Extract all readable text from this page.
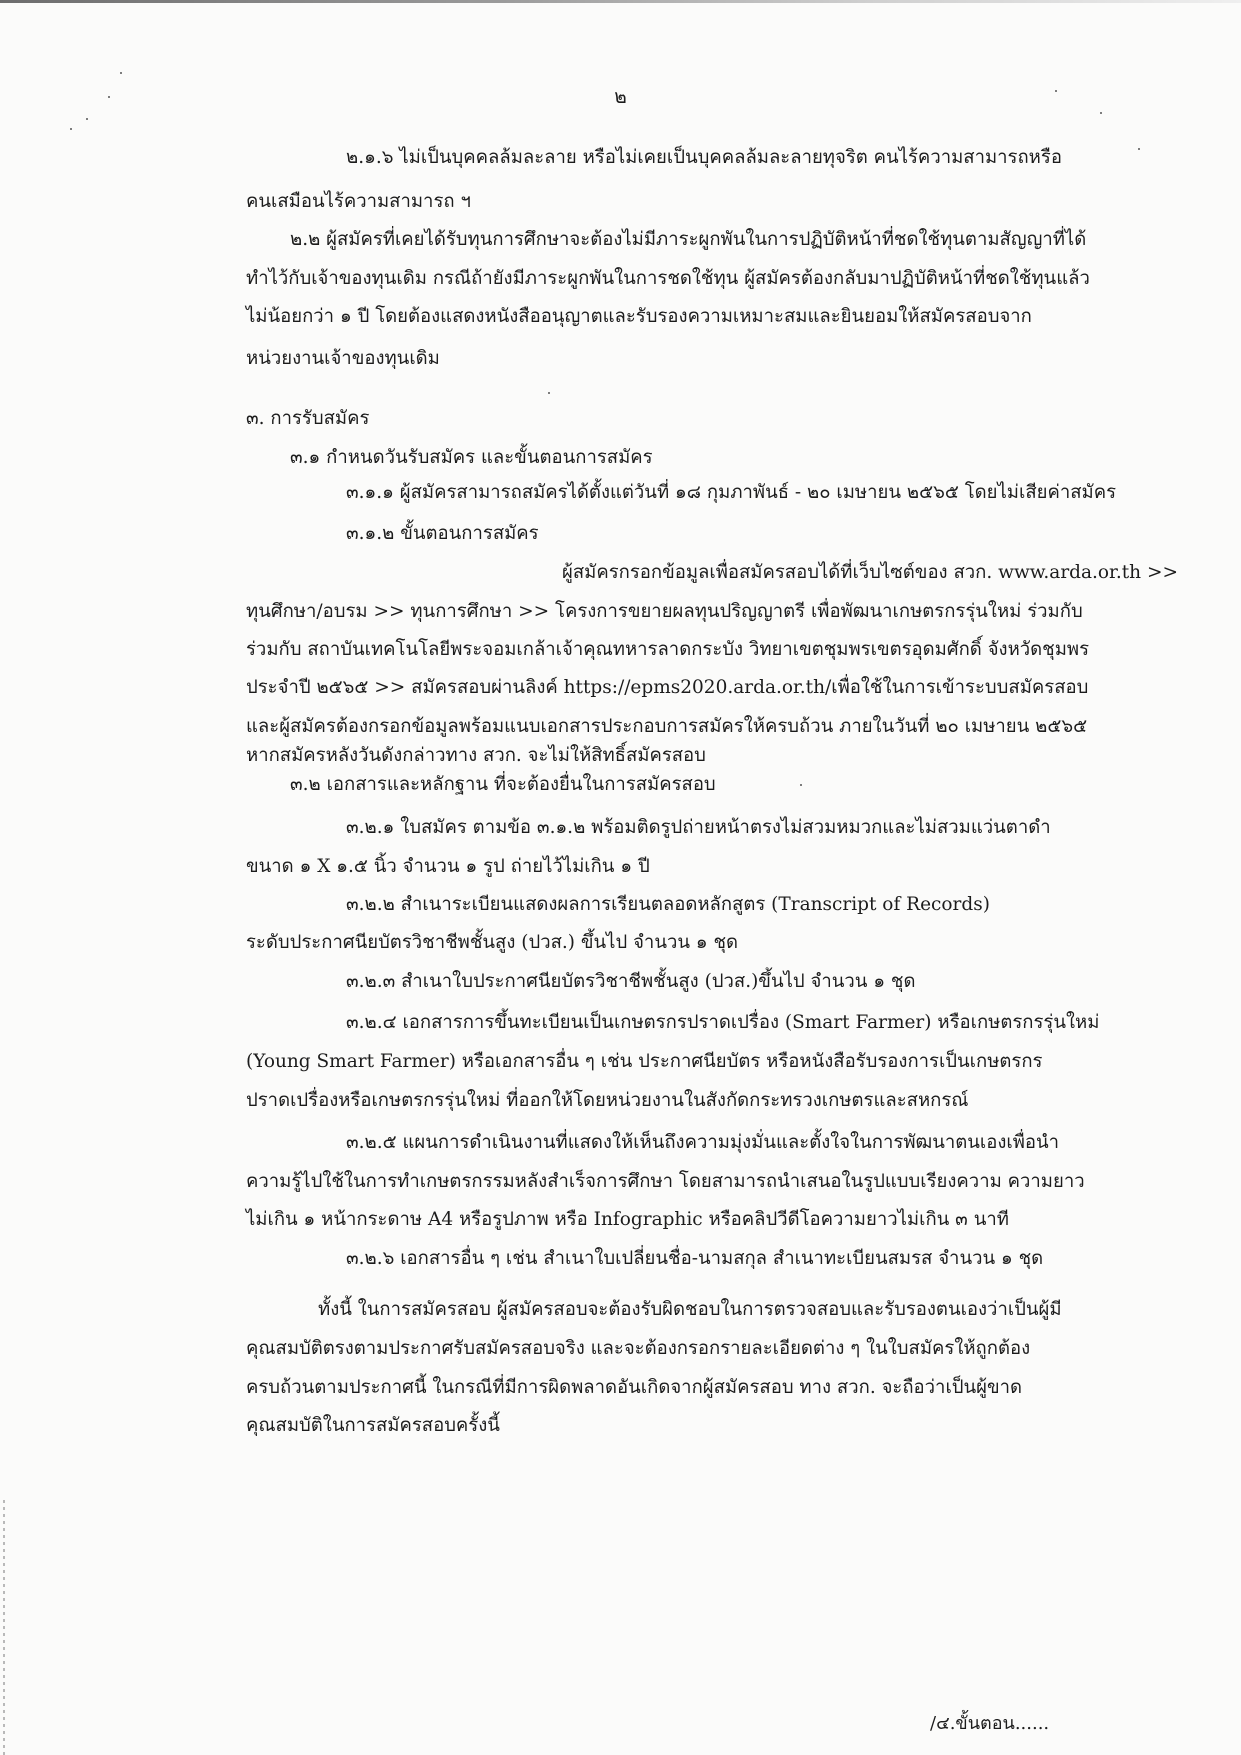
๒
๒.๑.๖ ไม่เป็นบุคคลล้มละลาย หรือไม่เคยเป็นบุคคลล้มละลายทุจริต คนไร้ความสามารถหรือ
คนเสมือนไร้ความสามารถ ฯ
๒.๒ ผู้สมัครที่เคยได้รับทุนการศึกษาจะต้องไม่มีภาระผูกพันในการปฏิบัติหน้าที่ชดใช้ทุนตามสัญญาที่ได้
ทำไว้กับเจ้าของทุนเดิม กรณีถ้ายังมีภาระผูกพันในการชดใช้ทุน ผู้สมัครต้องกลับมาปฏิบัติหน้าที่ชดใช้ทุนแล้ว
ไม่น้อยกว่า ๑ ปี โดยต้องแสดงหนังสืออนุญาตและรับรองความเหมาะสมและยินยอมให้สมัครสอบจาก
หน่วยงานเจ้าของทุนเดิม
๓. การรับสมัคร
๓.๑ กำหนดวันรับสมัคร และขั้นตอนการสมัคร
๓.๑.๑ ผู้สมัครสามารถสมัครได้ตั้งแต่วันที่ ๑๘ กุมภาพันธ์ - ๒๐ เมษายน ๒๕๖๕ โดยไม่เสียค่าสมัคร
๓.๑.๒ ขั้นตอนการสมัคร
ผู้สมัครกรอกข้อมูลเพื่อสมัครสอบได้ที่เว็บไซต์ของ สวก. www.arda.or.th >>
ทุนศึกษา/อบรม >> ทุนการศึกษา >> โครงการขยายผลทุนปริญญาตรี เพื่อพัฒนาเกษตรกรรุ่นใหม่ ร่วมกับ
ร่วมกับ สถาบันเทคโนโลยีพระจอมเกล้าเจ้าคุณทหารลาดกระบัง วิทยาเขตชุมพรเขตรอุดมศักดิ์ จังหวัดชุมพร
ประจำปี ๒๕๖๕ >> สมัครสอบผ่านลิงค์ https://epms2020.arda.or.th/เพื่อใช้ในการเข้าระบบสมัครสอบ
และผู้สมัครต้องกรอกข้อมูลพร้อมแนบเอกสารประกอบการสมัครให้ครบถ้วน ภายในวันที่ ๒๐ เมษายน ๒๕๖๕
หากสมัครหลังวันดังกล่าวทาง สวก. จะไม่ให้สิทธิ์สมัครสอบ
๓.๒ เอกสารและหลักฐาน ที่จะต้องยื่นในการสมัครสอบ
๓.๒.๑ ใบสมัคร ตามข้อ ๓.๑.๒ พร้อมติดรูปถ่ายหน้าตรงไม่สวมหมวกและไม่สวมแว่นตาดำ
ขนาด ๑ X ๑.๕ นิ้ว จำนวน ๑ รูป ถ่ายไว้ไม่เกิน ๑ ปี
๓.๒.๒ สำเนาระเบียนแสดงผลการเรียนตลอดหลักสูตร (Transcript of Records)
ระดับประกาศนียบัตรวิชาชีพชั้นสูง (ปวส.) ขึ้นไป จำนวน ๑ ชุด
๓.๒.๓ สำเนาใบประกาศนียบัตรวิชาชีพชั้นสูง (ปวส.)ขึ้นไป จำนวน ๑ ชุด
๓.๒.๔ เอกสารการขึ้นทะเบียนเป็นเกษตรกรปราดเปรื่อง (Smart Farmer) หรือเกษตรกรรุ่นใหม่
(Young Smart Farmer) หรือเอกสารอื่น ๆ เช่น ประกาศนียบัตร หรือหนังสือรับรองการเป็นเกษตรกร
ปราดเปรื่องหรือเกษตรกรรุ่นใหม่ ที่ออกให้โดยหน่วยงานในสังกัดกระทรวงเกษตรและสหกรณ์
๓.๒.๕ แผนการดำเนินงานที่แสดงให้เห็นถึงความมุ่งมั่นและตั้งใจในการพัฒนาตนเองเพื่อนำ
ความรู้ไปใช้ในการทำเกษตรกรรมหลังสำเร็จการศึกษา โดยสามารถนำเสนอในรูปแบบเรียงความ ความยาว
ไม่เกิน ๑ หน้ากระดาษ A4 หรือรูปภาพ หรือ Infographic หรือคลิปวีดีโอความยาวไม่เกิน ๓ นาที
๓.๒.๖ เอกสารอื่น ๆ เช่น สำเนาใบเปลี่ยนชื่อ-นามสกุล สำเนาทะเบียนสมรส จำนวน ๑ ชุด
ทั้งนี้ ในการสมัครสอบ ผู้สมัครสอบจะต้องรับผิดชอบในการตรวจสอบและรับรองตนเองว่าเป็นผู้มี
คุณสมบัติตรงตามประกาศรับสมัครสอบจริง และจะต้องกรอกรายละเอียดต่าง ๆ ในใบสมัครให้ถูกต้อง
ครบถ้วนตามประกาศนี้ ในกรณีที่มีการผิดพลาดอันเกิดจากผู้สมัครสอบ ทาง สวก. จะถือว่าเป็นผู้ขาด
คุณสมบัติในการสมัครสอบครั้งนี้
/๔.ขั้นตอน......
